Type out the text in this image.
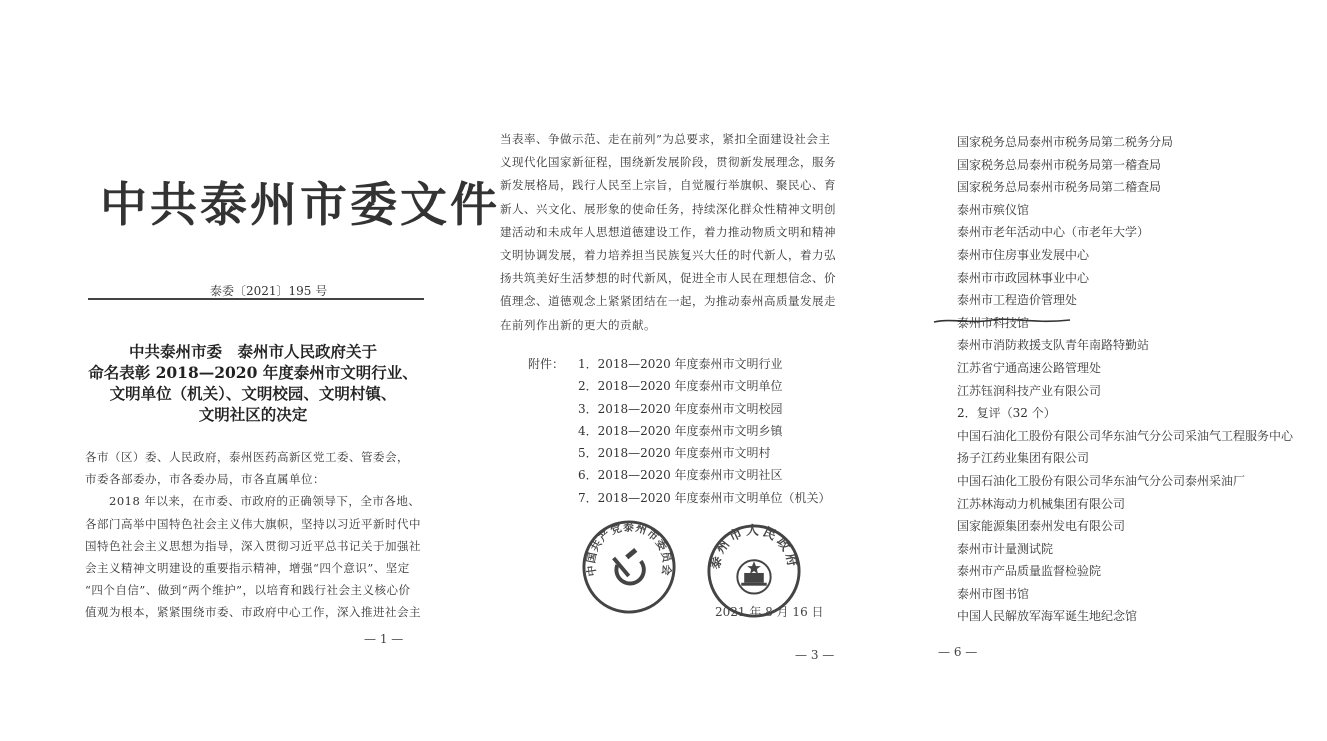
中共泰州市委文件
泰委〔2021〕195 号
中共泰州市委　泰州市人民政府关于
命名表彰 2018—2020 年度泰州市文明行业、
文明单位（机关）、文明校园、文明村镇、
文明社区的决定
各市（区）委、人民政府，泰州医药高新区党工委、管委会，
市委各部委办，市各委办局，市各直属单位：
　　2018 年以来，在市委、市政府的正确领导下，全市各地、
各部门高举中国特色社会主义伟大旗帜，坚持以习近平新时代中
国特色社会主义思想为指导，深入贯彻习近平总书记关于加强社
会主义精神文明建设的重要指示精神，增强“四个意识”、坚定
“四个自信”、做到“两个维护”，以培育和践行社会主义核心价
值观为根本，紧紧围绕市委、市政府中心工作，深入推进社会主
— 1 —
当表率、争做示范、走在前列”为总要求，紧扣全面建设社会主
义现代化国家新征程，围绕新发展阶段，贯彻新发展理念，服务
新发展格局，践行人民至上宗旨，自觉履行举旗帜、聚民心、育
新人、兴文化、展形象的使命任务，持续深化群众性精神文明创
建活动和未成年人思想道德建设工作，着力推动物质文明和精神
文明协调发展，着力培养担当民族复兴大任的时代新人，着力弘
扬共筑美好生活梦想的时代新风，促进全市人民在理想信念、价
值理念、道德观念上紧紧团结在一起，为推动泰州高质量发展走
在前列作出新的更大的贡献。
附件：	1．2018—2020 年度泰州市文明行业
2．2018—2020 年度泰州市文明单位
3．2018—2020 年度泰州市文明校园
4．2018—2020 年度泰州市文明乡镇
5．2018—2020 年度泰州市文明村
6．2018—2020 年度泰州市文明社区
7．2018—2020 年度泰州市文明单位（机关）
中国共产党泰州市委员会	泰州市人民政府
2021 年 8 月 16 日
— 3 —
国家税务总局泰州市税务局第二税务分局
国家税务总局泰州市税务局第一稽查局
国家税务总局泰州市税务局第二稽查局
泰州市殡仪馆
泰州市老年活动中心（市老年大学）
泰州市住房事业发展中心
泰州市市政园林事业中心
泰州市工程造价管理处
泰州市科技馆
泰州市消防救援支队青年南路特勤站
江苏省宁通高速公路管理处
江苏钰润科技产业有限公司
2．复评（32 个）
中国石油化工股份有限公司华东油气分公司采油气工程服务中心
扬子江药业集团有限公司
中国石油化工股份有限公司华东油气分公司泰州采油厂
江苏林海动力机械集团有限公司
国家能源集团泰州发电有限公司
泰州市计量测试院
泰州市产品质量监督检验院
泰州市图书馆
中国人民解放军海军诞生地纪念馆
— 6 —
